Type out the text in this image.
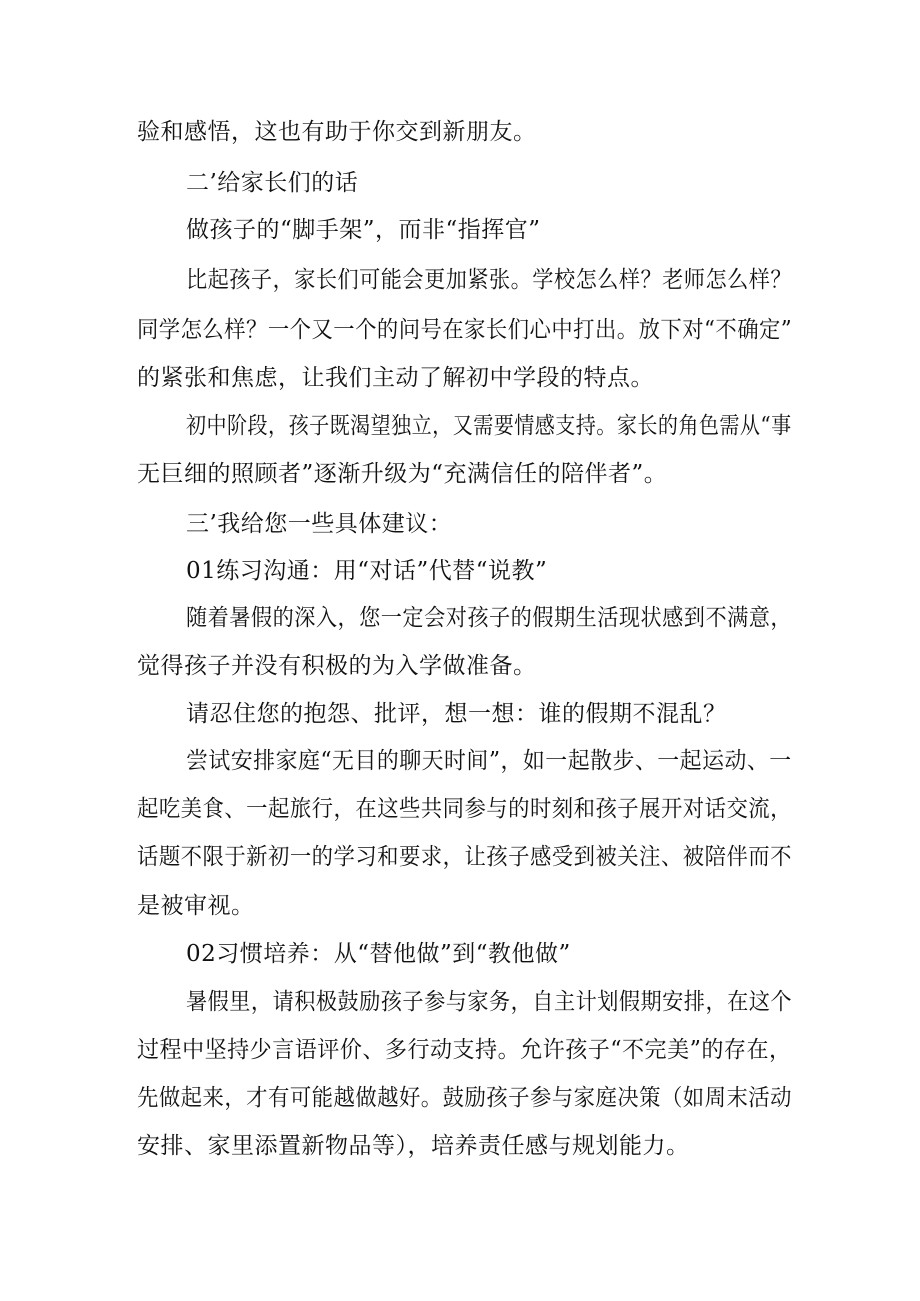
验和感悟，这也有助于你交到新朋友。

二’给家长们的话

做孩子的“脚手架”，而非“指挥官”

比起孩子，家长们可能会更加紧张。学校怎么样？老师怎么样？

同学怎么样？一个又一个的问号在家长们心中打出。放下对“不确定”

的紧张和焦虑，让我们主动了解初中学段的特点。

初中阶段，孩子既渴望独立，又需要情感支持。家长的角色需从“事

无巨细的照顾者”逐渐升级为“充满信任的陪伴者”。

三’我给您一些具体建议：

01练习沟通：用“对话”代替“说教”

随着暑假的深入，您一定会对孩子的假期生活现状感到不满意，

觉得孩子并没有积极的为入学做准备。

请忍住您的抱怨、批评，想一想：谁的假期不混乱？

尝试安排家庭“无目的聊天时间”，如一起散步、一起运动、一

起吃美食、一起旅行，在这些共同参与的时刻和孩子展开对话交流，

话题不限于新初一的学习和要求，让孩子感受到被关注、被陪伴而不

是被审视。

02习惯培养：从“替他做”到“教他做”

暑假里，请积极鼓励孩子参与家务，自主计划假期安排，在这个

过程中坚持少言语评价、多行动支持。允许孩子“不完美”的存在，

先做起来，才有可能越做越好。鼓励孩子参与家庭决策（如周末活动

安排、家里添置新物品等），培养责任感与规划能力。
